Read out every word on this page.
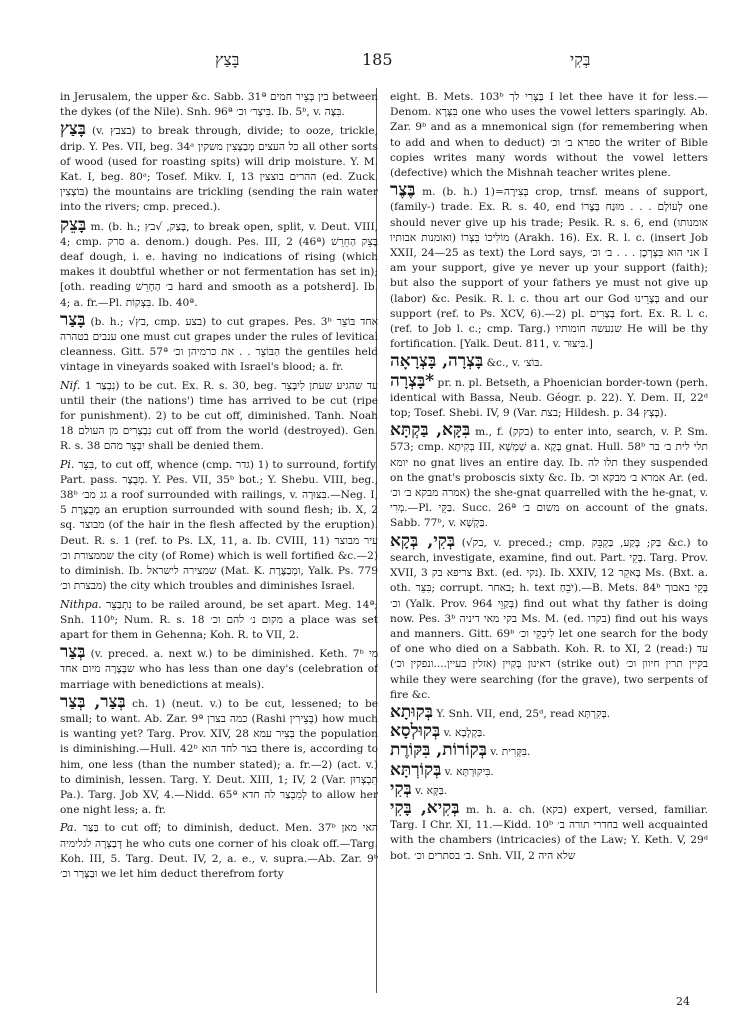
בָּצַץ	185	בְּקִי

in Jerusalem, the upper &c. Sabb. 31ª בין בְּצֵיר חמים between the dykes (of the Nile). Snh. 96ª בִּיצְר׳ וכ׳. Ib. 5ᵇ, v. בִּצָּה.

בָּצַץ (v. בצבץ) to break through, divide; to ooze, trickle, drip. Y. Pes. VII, beg. 34ᵃ כל העצים מְבַצְּצִין משקין all other sorts of wood (used for roasting spits) will drip moisture. Y. M. Kat. I, beg. 80ᵃ; Tosef. Mikv. I, 13 ההרים בוצצין (ed. Zuck. בּוֹצְצִין) the mountains are trickling (sending the rain water into the rivers; cmp. preced.).

בָּצֵק m. (b. h.; בָּצַק, √בץ, to break open, split, v. Deut. VIII, 4; cmp. סרק a. denom.) dough. Pes. III, 2 (46ª) בָּצֵק הַחֵרֵשׁ deaf dough, i. e. having no indications of rising (which makes it doubtful whether or not fermentation has set in); [oth. reading ב׳ הַחָרֵשׁ hard and smooth as a potsherd]. Ib. 4; a. fr.—Pl. בִּצְקוֹת. Ib. 40ª.

בָּצַר (b. h.; √בץ, cmp. בצע) to cut grapes. Pes. 3ᵇ אחד בּוֹצֵר ענבים בטהרה one must cut grapes under the rules of levitical cleanness. Gitt. 57ª הַבּוֹצֵר . . את כרמיהן וכ׳ the gentiles held vintage in vineyards soaked with Israel's blood; a. fr.

Nif. נִבְצַר 1) to be cut. Ex. R. s. 30, beg. עד שהגיע שעתן לִיבָּצֵר until their (the nations') time has arrived to be cut (ripe for punishment). 2) to be cut off, diminished. Tanh. Noah 18 נִבְצְרִים מן העולם cut off from the world (destroyed). Gen. R. s. 38 יִבָּצֵר מהם shall be denied them.

Pi. בִּצֵּר, to cut off, whence (cmp. גדר) 1) to surround, fortify. Part. pass. מְבֻצָּר. Y. Pes. VII, 35ᵇ bot.; Y. Shebu. VIII, beg., 38ᵇ גג מב׳ a roof surrounded with railings, v. בִּצּוּרָה.—Neg. I, 5 מְבֻצֶּרֶת an eruption surrounded with sound flesh; ib. X, 2 sq. מבוצר (of the hair in the flesh affected by the eruption). Deut. R. s. 1 (ref. to Ps. LX, 11, a. Ib. CVIII, 11) עיר מבוצר שממצורת וכ׳ the city (of Rome) which is well fortified &c.—2) to diminish. Ib. שמצירה לישראל (Mat. K. ומְבַצֶּרֶת, Yalk. Ps. 779 מבצרת וכ׳) the city which troubles and diminishes Israel.

Nithpa. נִתְבַּצֵּר to be railed around, be set apart. Meg. 14ª; Snh. 110ᵇ; Num. R. s. 18 מקום נ׳ להם וכ׳ a place was set apart for them in Gehenna; Koh. R. to VII, 2.

בְּצַר (v. preced. a. next w.) to be diminished. Keth. 7ᵇ מי שבְּצָרָה מיום אחד who has less than one day's (celebration of marriage with benedictions at meals).

בְּצַר, בְּצַר ch. 1) (neut. v.) to be cut, lessened; to be small; to want. Ab. Zar. 9ª כמה בצרן (Rashi בְּצֵירִין) how much is wanting yet? Targ. Prov. XIV, 28 בְּצִיר עמא the population is diminishing.—Hull. 42ᵇ בצר לחד הוא there is, according to him, one less (than the number stated); a. fr.—2) (act. v.) to diminish, lessen. Targ. Y. Deut. XIII, 1; IV, 2 (Var. תִבְצְרוּן Pa.). Targ. Job XV, 4.—Nidd. 65ª לְמִבְצַר לה חדא to allow her one night less; a. fr.

Pa. בַּצַּר to cut off; to diminish, deduct. Men. 37ᵇ האי מאן דְבַצְּרָה לגלימיה he who cuts one corner of his cloak off.—Targ. Koh. III, 5. Targ. Deut. IV, 2, a. e., v. supra.—Ab. Zar. 9ᵇ וּבַצְּרַר וכ׳ we let him deduct therefrom forty

eight. B. Mets. 103ᵇ בַּצְּרִי לך I let thee have it for less.—Denom. בִּצְּרָא one who uses the vowel letters sparingly. Ab. Zar. 9ᵇ and as a mnemonical sign (for remembering when to add and when to deduct) ספרא ב׳ וכ׳ the writer of Bible copies writes many words without the vowel letters (defective) which the Mishnah teacher writes plene.

בֶּצֶר m. (b. h.) 1)=בְּצִירָה crop, trnsf. means of support, (family-) trade. Ex. R. s. 40, end לְעוֹלָם . . . מוּנַח בְּצֶרוֹ one should never give up his trade; Pesik. R. s. 6, end (אומנותו ואומנות אבותיו) מוֹלִיכוֹ בִּצְרוֹ (Arakh. 16). Ex. R. l. c. (insert Job XXII, 24—25 as text) the Lord says, אני הוא בִּצְרְכֶן . . . ב׳ וכ׳ I am your support, give ye never up your support (faith); but also the support of your fathers ye must not give up (labor) &c. Pesik. R. l. c. thou art our God בְּצָרֵינוּ and our support (ref. to Ps. XCV, 6).—2) pl. בְּצָרִים fort. Ex. R. l. c. (ref. to Job l. c.; cmp. Targ.) שנעשה חומותיו He will be thy fortification. [Yalk. Deut. 811, v. בִּיצּוּר.]

בָּצְרָה, בָּצְרָאָה &c., v. בּוֹצ׳.

*בָּצְרָה pr. n. pl. Betseth, a Phoenician border-town (perh. identical with Bassa, Neub. Géogr. p. 22). Y. Dem. II, 22ᵈ top; Tosef. Shebi. IV, 9 (Var. בצת; Hildesh. p. 34 בָּצְץ).

בִּקָּא, בַּקְתָּא m., f. (בקק) to enter into, search, v. P. Sm. 573; cmp. בְּקִיתָא III, שְׁמְשָׁא a. בָּקָא gnat. Hull. 58ᵇ תלי לית ב׳ בר יומא no gnat lives an entire day. Ib. תלו לה they suspended on the gnat's proboscis sixty &c. Ib. אמרא ב׳ מבקא וכ׳ Ar. (ed. אמרה מבקא ב׳ וכ׳) the she-gnat quarrelled with the he-gnat, v. מְרִי.—Pl. בַּקֵּי. Succ. 26ª משום ב׳ on account of the gnats. Sabb. 77ᵇ, v. בַּקְשָׁא.

בְּקִי, בְּקָא (√בק, v. preced.; cmp. בַּק; בָּקַע, בַּקְבֵּק &c.) to search, investigate, examine, find out. Part. בָּקֵי. Targ. Prov. XVII, 3 צריפא בק Bxt. (ed. נקי). Ib. XXIV, 12 בָּאקֵר Ms. (Bxt. a. oth. בִּצֵּר; corrupt. באחר; h. text יֹבֵחַ).—B. Mets. 84ᵇ בָּקֵי באבוך וכ׳ (Yalk. Prov. 964 בְּקַוֵּי) find out what thy father is doing now. Pes. 3ᵇ בקי מאי דיניה Ms. M. (ed. בקרו) find out his ways and manners. Gitt. 69ᵇ לִיבְקֵי וכ׳ let one search for the body of one who died on a Sabbath. Koh. R. to XI, 2 (read:) עד דאינון בְּקַיִין (אזלין בעיין....ונפקין וכ׳) (strike out) בקיין תרין חיוון וכ׳ while they were searching (for the grave), two serpents of fire &c.

בְּקוּתָא Y. Snh. VII, end, 25ᵈ, read בְּקִרְתָּא.

בְּקוּלְסָא v. בַּקְלָבָא.

בְּקוֹרוֹת, בִּקּוֹרֶת v. בִּקְּרִית.

בְּקוֹרְתָּא v. בִּיקוּרְתָּא.

בְּקִי v. בַּקָּא.

בְּקִיא, בָּקִי m. h. a. ch. (בקא) expert, versed, familiar. Targ. I Chr. XI, 11.—Kidd. 10ᵇ בחדרי תורה ב׳ well acquainted with the chambers (intricacies) of the Law; Y. Keth. V, 29ᵈ bot. ב׳ בסתרים וכ׳. Snh. VII, 2 שלא היה

24
